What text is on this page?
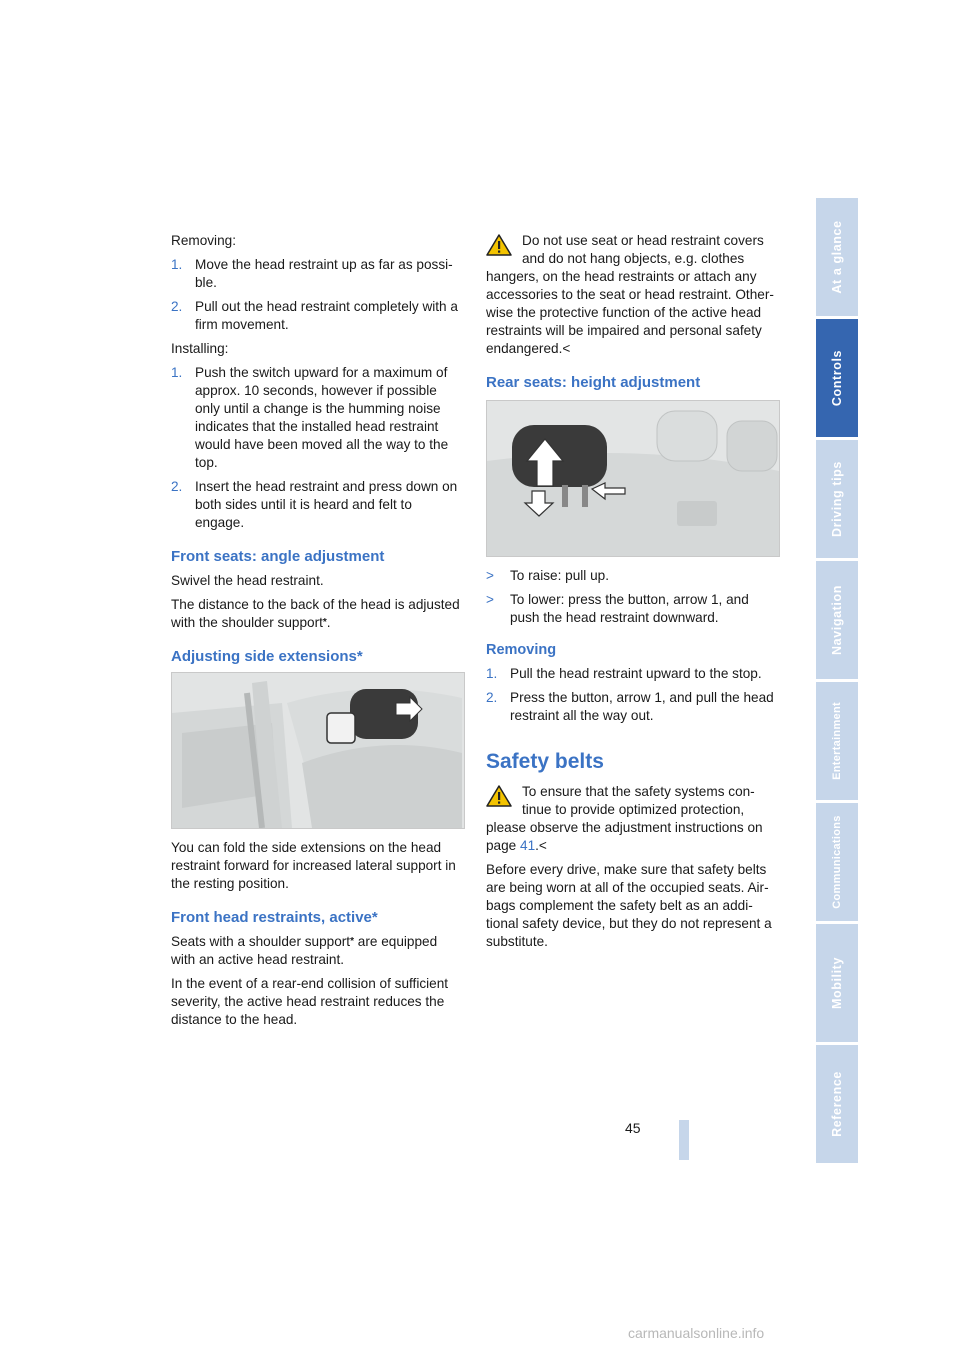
Removing:

1. Move the head restraint up as far as possi-ble.
2. Pull out the head restraint completely with a firm movement.

Installing:

1. Push the switch upward for a maximum of approx. 10 seconds, however if possible only until a change is the humming noise indicates that the installed head restraint would have been moved all the way to the top.
2. Insert the head restraint and press down on both sides until it is heard and felt to engage.
Front seats: angle adjustment

Swivel the head restraint.

The distance to the back of the head is adjusted with the shoulder support*.

Adjusting side extensions*

You can fold the side extensions on the head restraint forward for increased lateral support in the resting position.

Front head restraints, active*

Seats with a shoulder support* are equipped with an active head restraint.

In the event of a rear-end collision of sufficient severity, the active head restraint reduces the distance to the head.

Do not use seat or head restraint covers and do not hang objects, e.g. clothes hangers, on the head restraints or attach any accessories to the seat or head restraint. Other-wise the protective function of the active head restraints will be impaired and personal safety endangered.<

Rear seats: height adjustment
> To raise: pull up.
> To lower: press the button, arrow 1, and push the head restraint downward.
Removing
1. Pull the head restraint upward to the stop.
2. Press the button, arrow 1, and pull the head restraint all the way out.
Safety belts

To ensure that the safety systems con-tinue to provide optimized protection, please observe the adjustment instructions on page 41.<

Before every drive, make sure that safety belts are being worn at all of the occupied seats. Air-bags complement the safety belt as an addi-tional safety device, but they do not represent a substitute.

At a glance
Controls
Driving tips
Navigation
Entertainment
Communications
Mobility
Reference
45
carmanualsonline.info
